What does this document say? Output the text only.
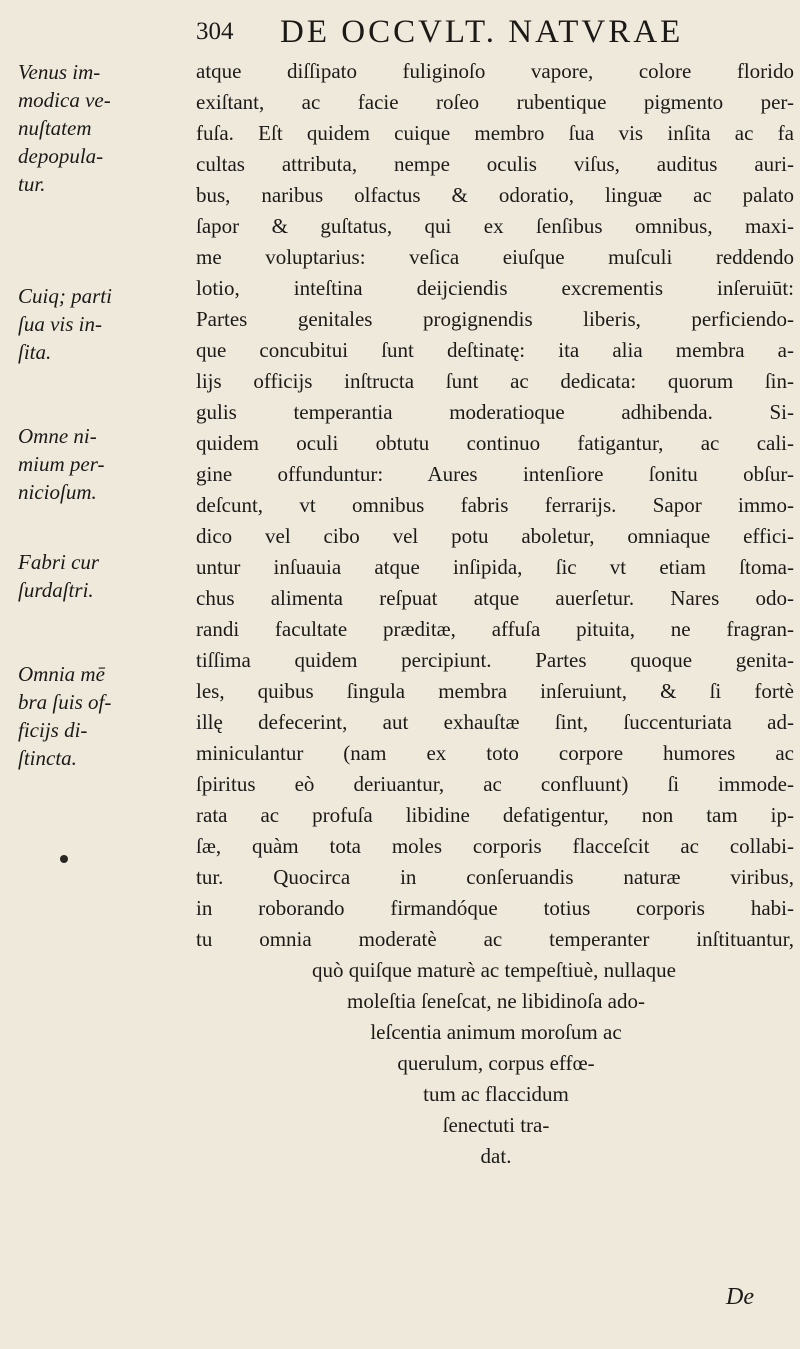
304 DE OCCVLT. NATVRAE
Venus im-
modica ve-
nuſtatem
depopula-
tur.
Cuiq; parti
ſua vis in-
ſita.
Omne ni-
mium per-
nicioſum.
Fabri cur
ſurdaſtri.
Omnia mē
bra ſuis of-
ficijs di-
ſtincta.
atque diſſipato fuliginoſo vapore, colore florido
exiſtant, ac facie roſeo rubentique pigmento per-
fuſa. Eſt quidem cuique membro ſua vis inſita ac fa
cultas attributa, nempe oculis viſus, auditus auri-
bus, naribus olfactus & odoratio, linguæ ac palato
ſapor & guſtatus, qui ex ſenſibus omnibus, maxi-
me voluptarius: veſica eiuſque muſculi reddendo
lotio, inteſtina deijciendis excrementis inſeruiūt:
Partes genitales progignendis liberis, perficiendo-
que concubitui ſunt deſtinatę: ita alia membra a-
lijs officijs inſtructa ſunt ac dedicata: quorum ſin-
gulis temperantia moderatioque adhibenda. Si-
quidem oculi obtutu continuo fatigantur, ac cali-
gine offunduntur: Aures intenſiore ſonitu obſur-
deſcunt, vt omnibus fabris ferrarijs. Sapor immo-
dico vel cibo vel potu aboletur, omniaque effici-
untur inſuauia atque inſipida, ſic vt etiam ſtoma-
chus alimenta reſpuat atque auerſetur. Nares odo-
randi facultate præditæ, affuſa pituita, ne fragran-
tiſſima quidem percipiunt. Partes quoque genita-
les, quibus ſingula membra inſeruiunt, & ſi fortè
illę defecerint, aut exhauſtæ ſint, ſuccenturiata ad-
miniculantur (nam ex toto corpore humores ac
ſpiritus eò deriuantur, ac confluunt) ſi immode-
rata ac profuſa libidine defatigentur, non tam ip-
ſæ, quàm tota moles corporis flacceſcit ac collabi-
tur. Quocirca in conſeruandis naturæ viribus,
in roborando firmandóque totius corporis habi-
tu omnia moderatè ac temperanter inſtituantur,
quò quiſque maturè ac tempeſtiuè, nullaque
moleſtia ſeneſcat, ne libidinoſa ado-
leſcentia animum moroſum ac
querulum, corpus effœ-
tum ac flaccidum
ſenectuti tra-
dat.
De
